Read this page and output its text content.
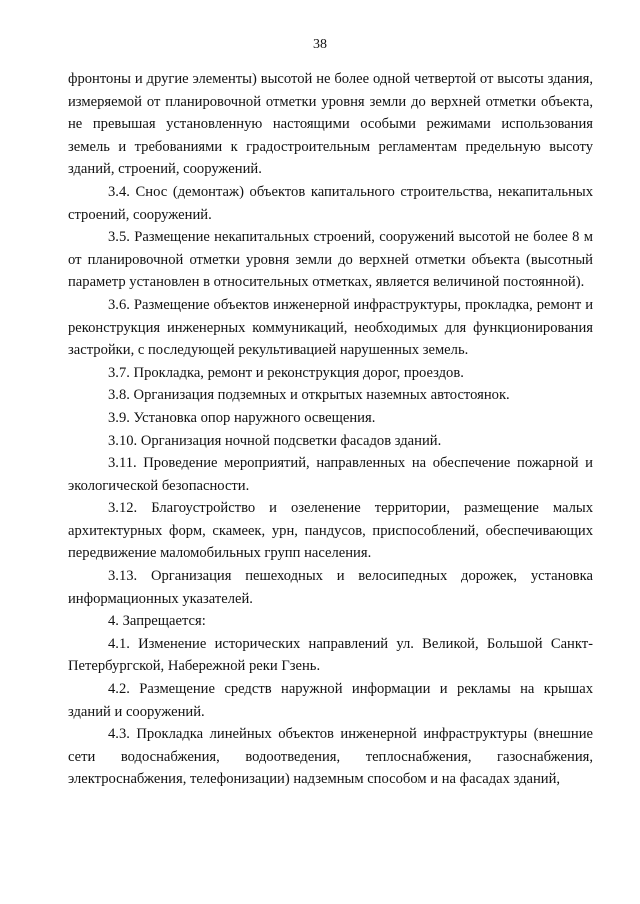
38

фронтоны и другие элементы) высотой не более одной четвертой от высоты здания, измеряемой от планировочной отметки уровня земли до верхней отметки объекта, не превышая установленную настоящими особыми режимами использования земель и требованиями к градостроительным регламентам предельную высоту зданий, строений, сооружений.

3.4. Снос (демонтаж) объектов капитального строительства, некапитальных строений, сооружений.

3.5. Размещение некапитальных строений, сооружений высотой не более 8 м от планировочной отметки уровня земли до верхней отметки объекта (высотный параметр установлен в относительных отметках, является величиной постоянной).

3.6. Размещение объектов инженерной инфраструктуры, прокладка, ремонт и реконструкция инженерных коммуникаций, необходимых для функционирования застройки, с последующей рекультивацией нарушенных земель.

3.7. Прокладка, ремонт и реконструкция дорог, проездов.

3.8. Организация подземных и открытых наземных автостоянок.

3.9. Установка опор наружного освещения.

3.10. Организация ночной подсветки фасадов зданий.

3.11. Проведение мероприятий, направленных на обеспечение пожарной и экологической безопасности.

3.12. Благоустройство и озеленение территории, размещение малых архитектурных форм, скамеек, урн, пандусов, приспособлений, обеспечивающих передвижение маломобильных групп населения.

3.13. Организация пешеходных и велосипедных дорожек, установка информационных указателей.

4. Запрещается:

4.1. Изменение исторических направлений ул. Великой, Большой Санкт-Петербургской, Набережной реки Гзень.

4.2. Размещение средств наружной информации и рекламы на крышах зданий и сооружений.

4.3. Прокладка линейных объектов инженерной инфраструктуры (внешние сети водоснабжения, водоотведения, теплоснабжения, газоснабжения, электроснабжения, телефонизации) надземным способом и на фасадах зданий,
